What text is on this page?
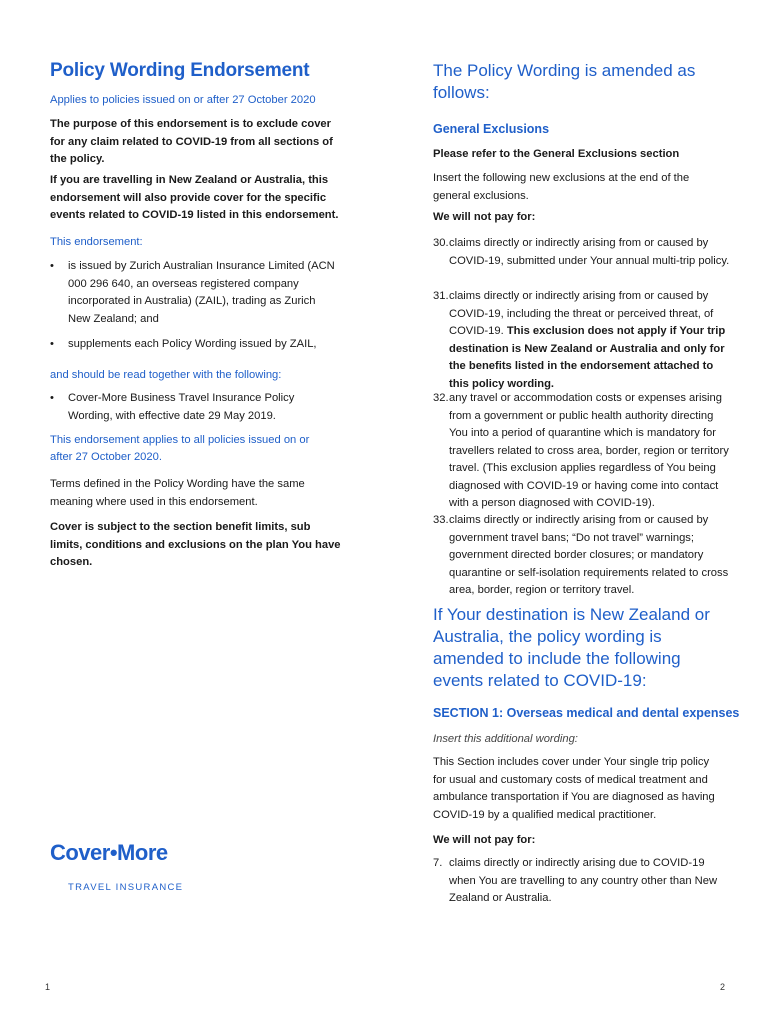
Policy Wording Endorsement

Applies to policies issued on or after 27 October 2020

The purpose of this endorsement is to exclude cover for any claim related to COVID-19 from all sections of the policy.

If you are travelling in New Zealand or Australia, this endorsement will also provide cover for the specific events related to COVID-19 listed in this endorsement.

This endorsement:

• is issued by Zurich Australian Insurance Limited (ACN 000 296 640, an overseas registered company incorporated in Australia) (ZAIL), trading as Zurich New Zealand; and

• supplements each Policy Wording issued by ZAIL,

and should be read together with the following:

• Cover-More Business Travel Insurance Policy Wording, with effective date 29 May 2019.

This endorsement applies to all policies issued on or after 27 October 2020.

Terms defined in the Policy Wording have the same meaning where used in this endorsement.

Cover is subject to the section benefit limits, sub limits, conditions and exclusions on the plan You have chosen.

Cover•More
TRAVEL INSURANCE
1
The Policy Wording is amended as follows:

General Exclusions

Please refer to the General Exclusions section

Insert the following new exclusions at the end of the general exclusions.

We will not pay for:

30. claims directly or indirectly arising from or caused by COVID-19, submitted under Your annual multi-trip policy.

31. claims directly or indirectly arising from or caused by COVID-19, including the threat or perceived threat, of COVID-19. This exclusion does not apply if Your trip destination is New Zealand or Australia and only for the benefits listed in the endorsement attached to this policy wording.

32. any travel or accommodation costs or expenses arising from a government or public health authority directing You into a period of quarantine which is mandatory for travellers related to cross area, border, region or territory travel. (This exclusion applies regardless of You being diagnosed with COVID-19 or having come into contact with a person diagnosed with COVID-19).

33. claims directly or indirectly arising from or caused by government travel bans; “Do not travel” warnings; government directed border closures; or mandatory quarantine or self-isolation requirements related to cross area, border, region or territory travel.

If Your destination is New Zealand or Australia, the policy wording is amended to include the following events related to COVID-19:

SECTION 1: Overseas medical and dental expenses

Insert this additional wording:

This Section includes cover under Your single trip policy for usual and customary costs of medical treatment and ambulance transportation if You are diagnosed as having COVID-19 by a qualified medical practitioner.

We will not pay for:

7. claims directly or indirectly arising due to COVID-19 when You are travelling to any country other than New Zealand or Australia.

2
